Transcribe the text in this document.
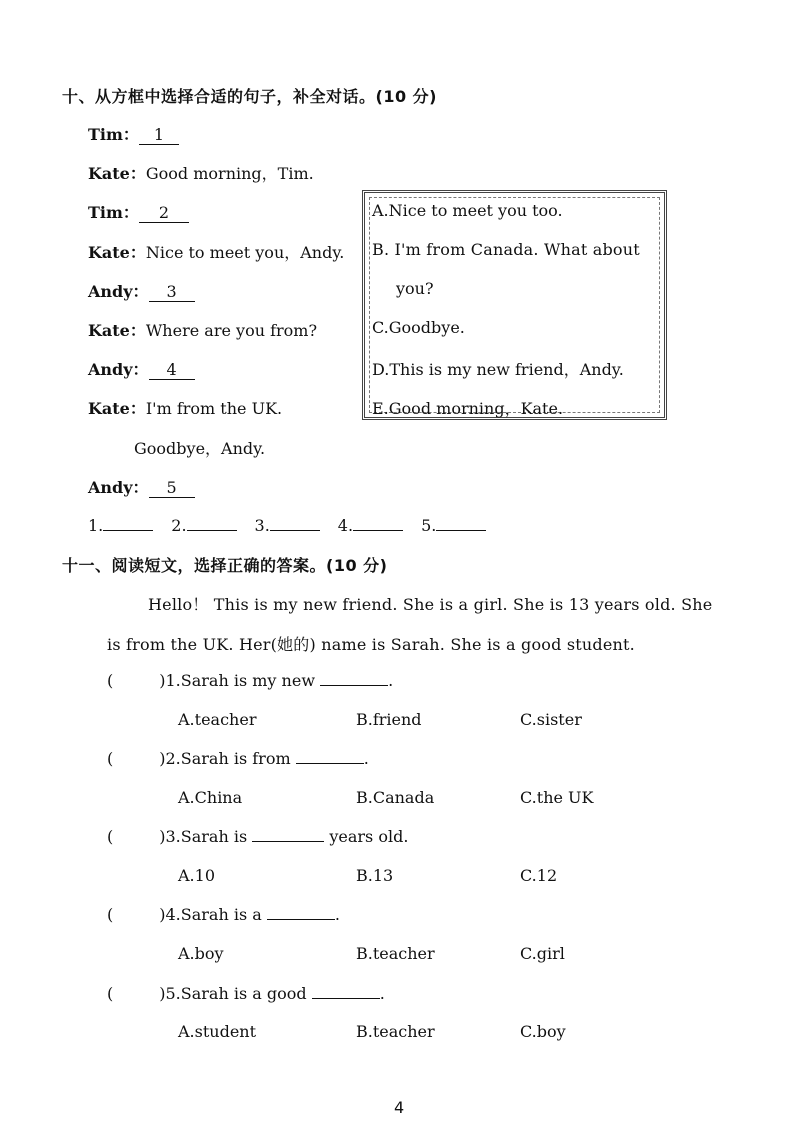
十、从方框中选择合适的句子，补全对话。(10 分)
Tim： 1
Kate：Good morning，Tim.
Tim： 2
Kate：Nice to meet you，Andy.
Andy： 3
Kate：Where are you from?
Andy： 4
Kate：I'm from the UK.
Goodbye，Andy.
Andy： 5
A.Nice to meet you too.
B. I'm from Canada. What about
you?
C.Goodbye.
D.This is my new friend，Andy.
E.Good morning，Kate.
1.	2.	3.	4.	5.
十一、阅读短文，选择正确的答案。(10 分)
Hello！ This is my new friend. She is a girl. She is 13 years old. She
is from the UK. Her(她的) name is Sarah. She is a good student.
(	)1.Sarah is my new	.
A.teacher	B.friend	C.sister
(	)2.Sarah is from	.
A.China	B.Canada	C.the UK
(	)3.Sarah is	years old.
A.10	B.13	C.12
(	)4.Sarah is a	.
A.boy	B.teacher	C.girl
(	)5.Sarah is a good	.
A.student	B.teacher	C.boy
4
